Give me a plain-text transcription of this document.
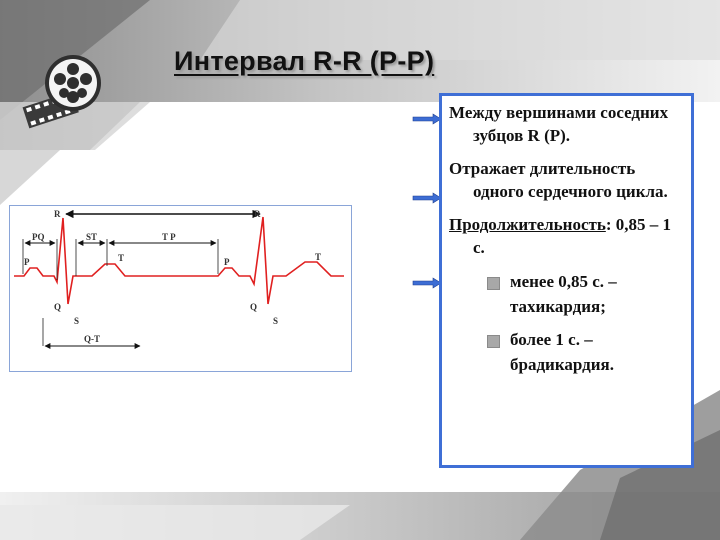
Интервал R-R (P-P)
R	R
PQ	ST	T P
P	T	P	T
Q
S
Q
S
Q-T

Между вершинами соседних зубцов R (Р).

Отражает длительность одного сердечного цикла.

Продолжительность: 0,85 – 1 с.

менее 0,85 с. – тахикардия;
более 1 с. – брадикардия.
